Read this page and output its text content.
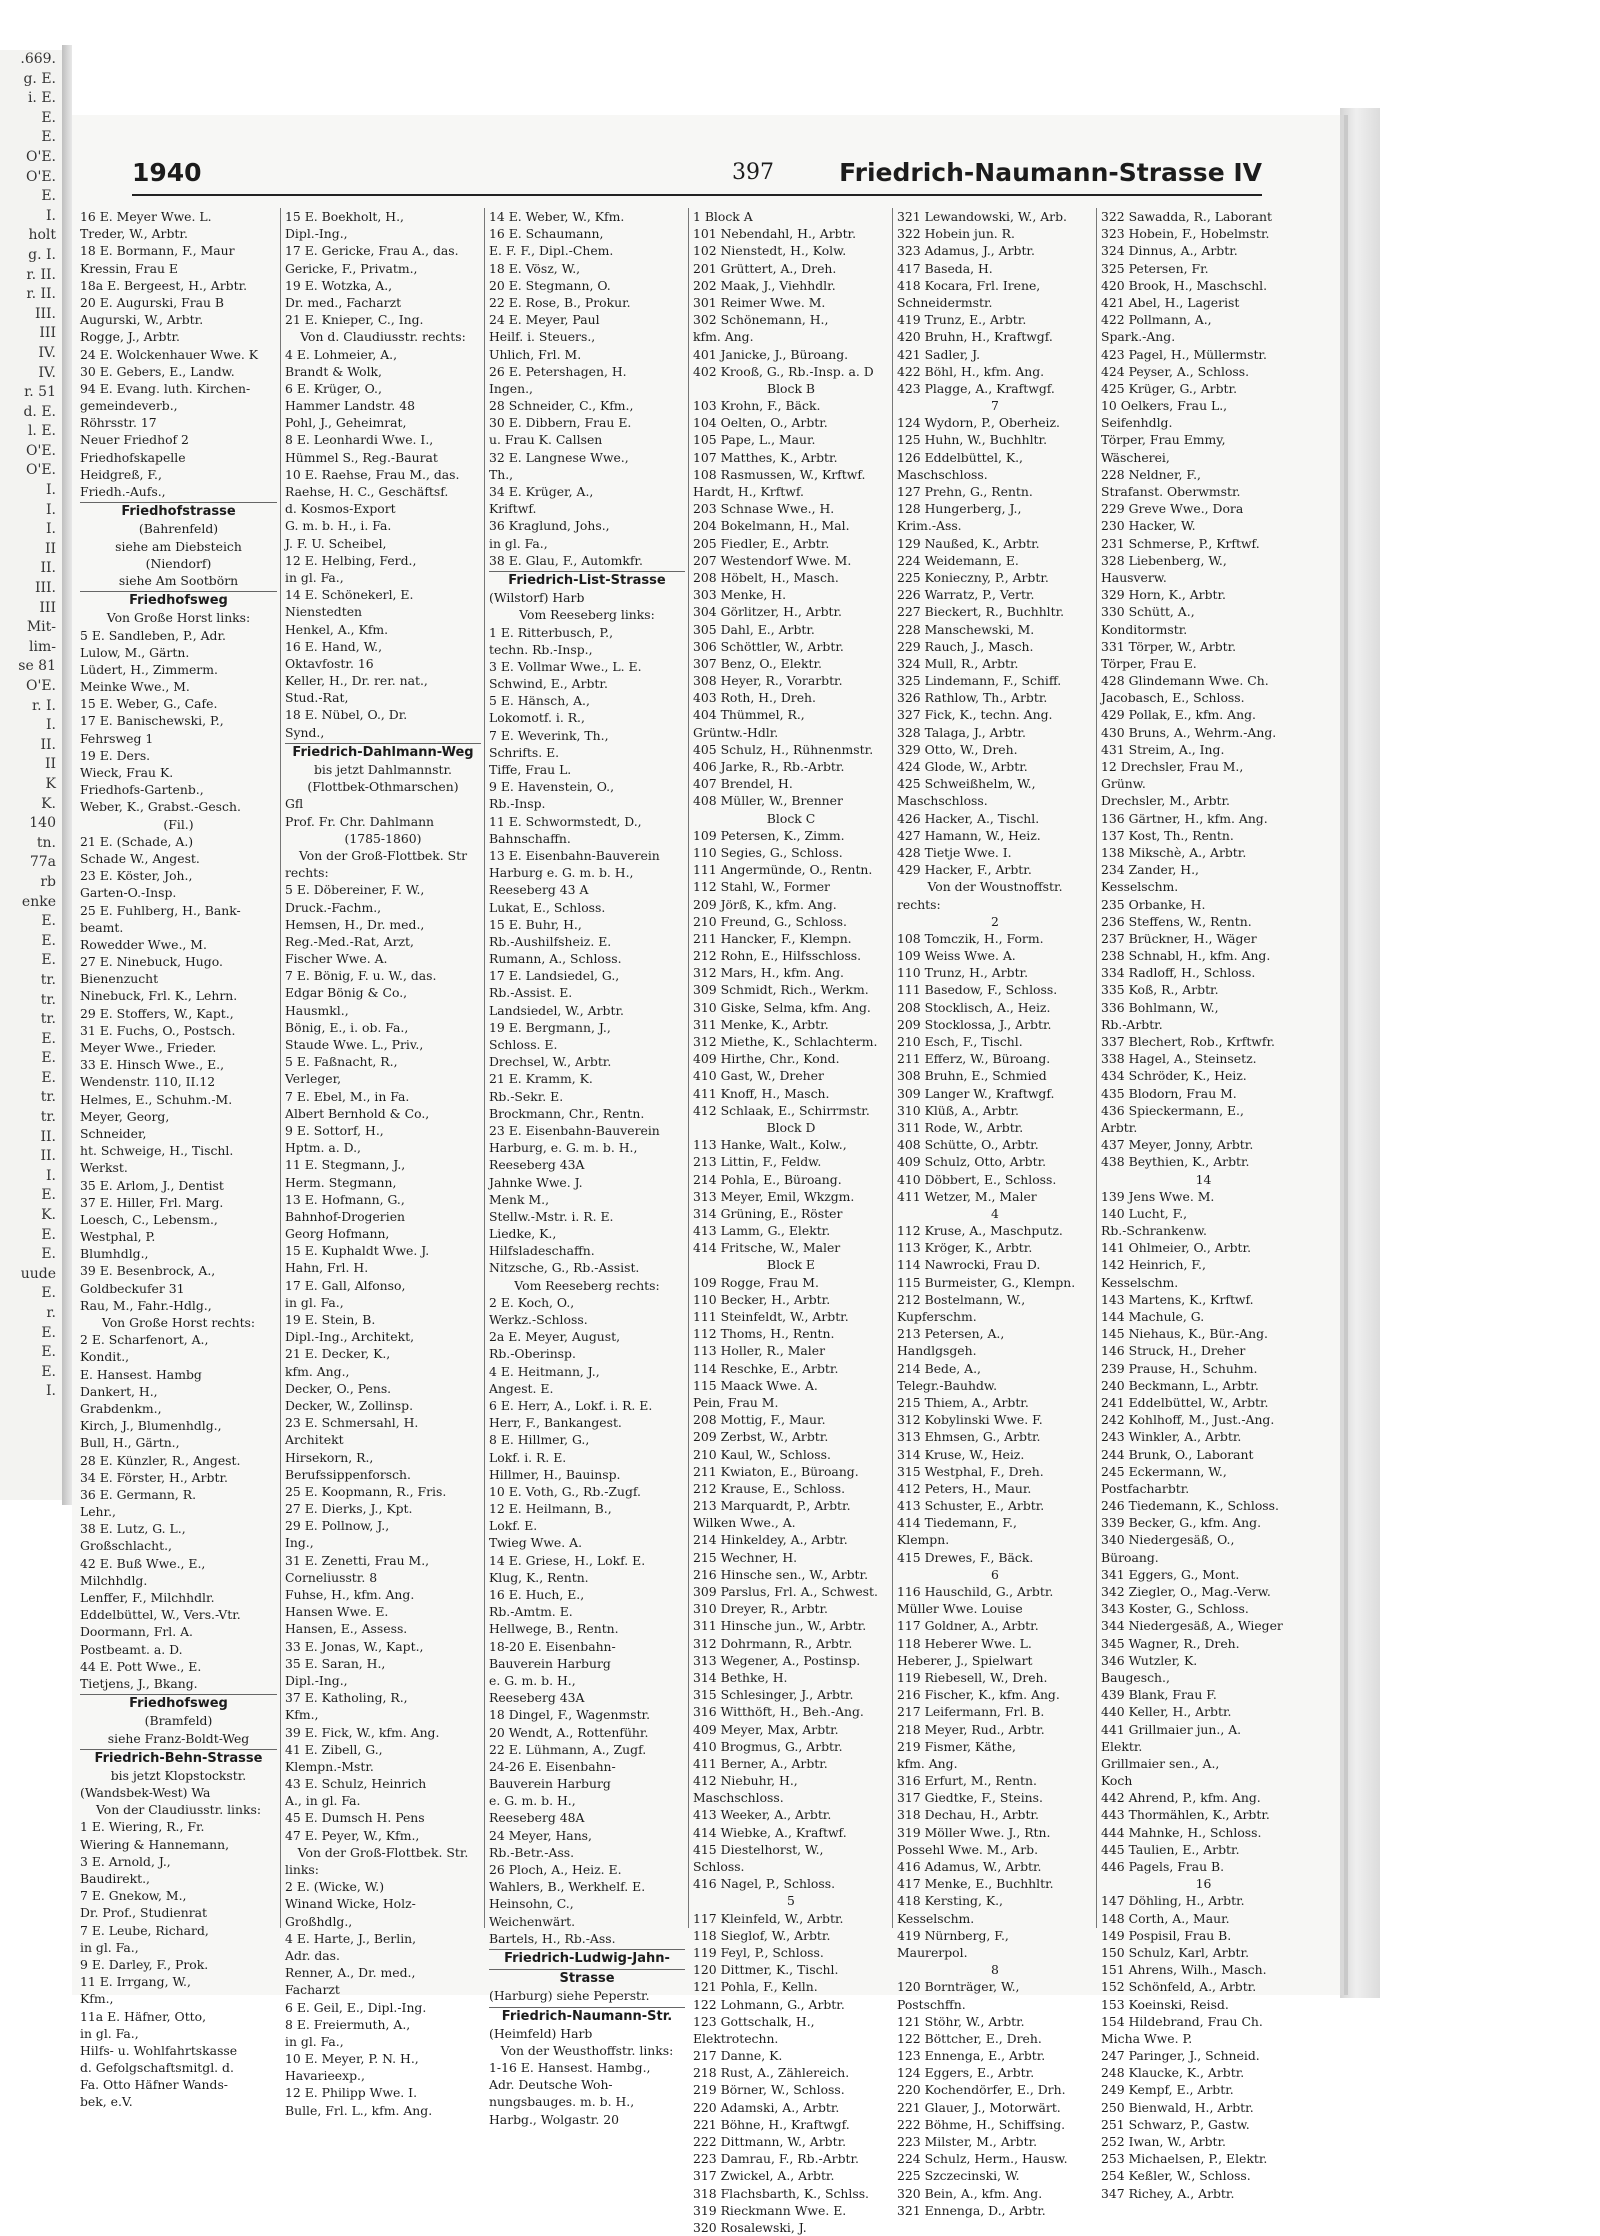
.669.
g. E.
i. E.
E.
E.
O'E.
O'E.
E.
I.
holt
g. I.
r. II.
r. II.
III.
III
IV.
IV.
r. 51
d. E.
l. E.
O'E.
O'E.
I.
I.
I.
II
II.
III.
III
Mit-
lim-
se 81
O'E.
r. I.
I.
II.
II
K
K.
140
tn.
77a
rb
enke
E.
E.
E.
tr.
tr.
tr.
E.
E.
E.
tr.
tr.
II.
II.
I.
E.
K.
E.
E.
uude
E.
r.
E.
E.
E.
I.
1940	397	Friedrich-Naumann-Strasse IV
16 E. Meyer Wwe. L.
Treder, W., Arbtr.
18 E. Bormann, F., Maur
Kressin, Frau E
18a E. Bergeest, H., Arbtr.
20 E. Augurski, Frau B
Augurski, W., Arbtr.
Rogge, J., Arbtr.
24 E. Wolckenhauer Wwe. K
30 E. Gebers, E., Landw.
94 E. Evang. luth. Kirchen-
gemeindeverb.,
Röhrsstr. 17
Neuer Friedhof 2
Friedhofskapelle
Heidgreß, F.,
Friedh.-Aufs.,
Friedhofstrasse
(Bahrenfeld)
siehe am Diebsteich
(Niendorf)
siehe Am Sootbörn
Friedhofsweg
Von Große Horst links:
5 E. Sandleben, P., Adr.
Lulow, M., Gärtn.
Lüdert, H., Zimmerm.
Meinke Wwe., M.
15 E. Weber, G., Cafe.
17 E. Banischewski, P.,
Fehrsweg 1
19 E. Ders.
Wieck, Frau K.
Friedhofs-Gartenb.,
Weber, K., Grabst.-Gesch.
(Fil.)
21 E. (Schade, A.)
Schade W., Angest.
23 E. Köster, Joh.,
Garten-O.-Insp.
25 E. Fuhlberg, H., Bank-
beamt.
Rowedder Wwe., M.
27 E. Ninebuck, Hugo.
Bienenzucht
Ninebuck, Frl. K., Lehrn.
29 E. Stoffers, W., Kapt.,
31 E. Fuchs, O., Postsch.
Meyer Wwe., Frieder.
33 E. Hinsch Wwe., E.,
Wendenstr. 110, II.12
Helmes, E., Schuhm.-M.
Meyer, Georg,
Schneider,
ht. Schweige, H., Tischl.
Werkst.
35 E. Arlom, J., Dentist
37 E. Hiller, Frl. Marg.
Loesch, C., Lebensm.,
Westphal, P.
Blumhdlg.,
39 E. Besenbrock, A.,
Goldbeckufer 31
Rau, M., Fahr.-Hdlg.,
Von Große Horst rechts:
2 E. Scharfenort, A.,
Kondit.,
E. Hansest. Hambg
Dankert, H.,
Grabdenkm.,
Kirch, J., Blumenhdlg.,
Bull, H., Gärtn.,
28 E. Künzler, R., Angest.
34 E. Förster, H., Arbtr.
36 E. Germann, R.
Lehr.,
38 E. Lutz, G. L.,
Großschlacht.,
42 E. Buß Wwe., E.,
Milchhdlg.
Lenffer, F., Milchhdlr.
Eddelbüttel, W., Vers.-Vtr.
Doormann, Frl. A.
Postbeamt. a. D.
44 E. Pott Wwe., E.
Tietjens, J., Bkang.
Friedhofsweg
(Bramfeld)
siehe Franz-Boldt-Weg
Friedrich-Behn-Strasse
bis jetzt Klopstockstr.
(Wandsbek-West) Wa
Von der Claudiusstr. links:
1 E. Wiering, R., Fr.
Wiering & Hannemann,
3 E. Arnold, J.,
Baudirekt.,
7 E. Gnekow, M.,
Dr. Prof., Studienrat
7 E. Leube, Richard,
in gl. Fa.,
9 E. Darley, F., Prok.
11 E. Irrgang, W.,
Kfm.,
11a E. Häfner, Otto,
in gl. Fa.,
Hilfs- u. Wohlfahrtskasse
d. Gefolgschaftsmitgl. d.
Fa. Otto Häfner Wands-
bek, e.V.
15 E. Boekholt, H.,
Dipl.-Ing.,
17 E. Gericke, Frau A., das.
Gericke, F., Privatm.,
19 E. Wotzka, A.,
Dr. med., Facharzt
21 E. Knieper, C., Ing.
Von d. Claudiusstr. rechts:
4 E. Lohmeier, A.,
Brandt & Wolk,
6 E. Krüger, O.,
Hammer Landstr. 48
Pohl, J., Geheimrat,
8 E. Leonhardi Wwe. I.,
Hümmel S., Reg.-Baurat
10 E. Raehse, Frau M., das.
Raehse, H. C., Geschäftsf.
d. Kosmos-Export
G. m. b. H., i. Fa.
J. F. U. Scheibel,
12 E. Helbing, Ferd.,
in gl. Fa.,
14 E. Schönekerl, E.
Nienstedten
Henkel, A., Kfm.
16 E. Hand, W.,
Oktavfostr. 16
Keller, H., Dr. rer. nat.,
Stud.-Rat,
18 E. Nübel, O., Dr.
Synd.,
Friedrich-Dahlmann-Weg
bis jetzt Dahlmannstr.
(Flottbek-Othmarschen)
Gfl
Prof. Fr. Chr. Dahlmann
(1785-1860)
Von der Groß-Flottbek. Str
rechts:
5 E. Döbereiner, F. W.,
Druck.-Fachm.,
Hemsen, H., Dr. med.,
Reg.-Med.-Rat, Arzt,
Fischer Wwe. A.
7 E. Bönig, F. u. W., das.
Edgar Bönig & Co.,
Hausmkl.,
Bönig, E., i. ob. Fa.,
Staude Wwe. L., Priv.,
5 E. Faßnacht, R.,
Verleger,
7 E. Ebel, M., in Fa.
Albert Bernhold & Co.,
9 E. Sottorf, H.,
Hptm. a. D.,
11 E. Stegmann, J.,
Herm. Stegmann,
13 E. Hofmann, G.,
Bahnhof-Drogerien
Georg Hofmann,
15 E. Kuphaldt Wwe. J.
Hahn, Frl. H.
17 E. Gall, Alfonso,
in gl. Fa.,
19 E. Stein, B.
Dipl.-Ing., Architekt,
21 E. Decker, K.,
kfm. Ang.,
Decker, O., Pens.
Decker, W., Zollinsp.
23 E. Schmersahl, H.
Architekt
Hirsekorn, R.,
Berufssippenforsch.
25 E. Koopmann, R., Fris.
27 E. Dierks, J., Kpt.
29 E. Pollnow, J.,
Ing.,
31 E. Zenetti, Frau M.,
Corneliusstr. 8
Fuhse, H., kfm. Ang.
Hansen Wwe. E.
Hansen, E., Assess.
33 E. Jonas, W., Kapt.,
35 E. Saran, H.,
Dipl.-Ing.,
37 E. Katholing, R.,
Kfm.,
39 E. Fick, W., kfm. Ang.
41 E. Zibell, G.,
Klempn.-Mstr.
43 E. Schulz, Heinrich
A., in gl. Fa.
45 E. Dumsch H. Pens
47 E. Peyer, W., Kfm.,
Von der Groß-Flottbek. Str.
links:
2 E. (Wicke, W.)
Winand Wicke, Holz-
Großhdlg.,
4 E. Harte, J., Berlin,
Adr. das.
Renner, A., Dr. med.,
Facharzt
6 E. Geil, E., Dipl.-Ing.
8 E. Freiermuth, A.,
in gl. Fa.,
10 E. Meyer, P. N. H.,
Havarieexp.,
12 E. Philipp Wwe. I.
Bulle, Frl. L., kfm. Ang.
14 E. Weber, W., Kfm.
16 E. Schaumann,
E. F. F., Dipl.-Chem.
18 E. Vösz, W.,
20 E. Stegmann, O.
22 E. Rose, B., Prokur.
24 E. Meyer, Paul
Heilf. i. Steuers.,
Uhlich, Frl. M.
26 E. Petershagen, H.
Ingen.,
28 Schneider, C., Kfm.,
30 E. Dibbern, Frau E.
u. Frau K. Callsen
32 E. Langnese Wwe.,
Th.,
34 E. Krüger, A.,
Kriftwf.
36 Kraglund, Johs.,
in gl. Fa.,
38 E. Glau, F., Automkfr.
Friedrich-List-Strasse
(Wilstorf) Harb
Vom Reeseberg links:
1 E. Ritterbusch, P.,
techn. Rb.-Insp.,
3 E. Vollmar Wwe., L. E.
Schwind, E., Arbtr.
5 E. Hänsch, A.,
Lokomotf. i. R.,
7 E. Weverink, Th.,
Schrifts. E.
Tiffe, Frau L.
9 E. Havenstein, O.,
Rb.-Insp.
11 E. Schwormstedt, D.,
Bahnschaffn.
13 E. Eisenbahn-Bauverein
Harburg e. G. m. b. H.,
Reeseberg 43 A
Lukat, E., Schloss.
15 E. Buhr, H.,
Rb.-Aushilfsheiz. E.
Rumann, A., Schloss.
17 E. Landsiedel, G.,
Rb.-Assist. E.
Landsiedel, W., Arbtr.
19 E. Bergmann, J.,
Schloss. E.
Drechsel, W., Arbtr.
21 E. Kramm, K.
Rb.-Sekr. E.
Brockmann, Chr., Rentn.
23 E. Eisenbahn-Bauverein
Harburg, e. G. m. b. H.,
Reeseberg 43A
Jahnke Wwe. J.
Menk M.,
Stellw.-Mstr. i. R. E.
Liedke, K.,
Hilfsladeschaffn.
Nitzsche, G., Rb.-Assist.
Vom Reeseberg rechts:
2 E. Koch, O.,
Werkz.-Schloss.
2a E. Meyer, August,
Rb.-Oberinsp.
4 E. Heitmann, J.,
Angest. E.
6 E. Herr, A., Lokf. i. R. E.
Herr, F., Bankangest.
8 E. Hillmer, G.,
Lokf. i. R. E.
Hillmer, H., Bauinsp.
10 E. Voth, G., Rb.-Zugf.
12 E. Heilmann, B.,
Lokf. E.
Twieg Wwe. A.
14 E. Griese, H., Lokf. E.
Klug, K., Rentn.
16 E. Huch, E.,
Rb.-Amtm. E.
Hellwege, B., Rentn.
18-20 E. Eisenbahn-
Bauverein Harburg
e. G. m. b. H.,
Reeseberg 43A
18 Dingel, F., Wagenmstr.
20 Wendt, A., Rottenführ.
22 E. Lühmann, A., Zugf.
24-26 E. Eisenbahn-
Bauverein Harburg
e. G. m. b. H.,
Reeseberg 48A
24 Meyer, Hans,
Rb.-Betr.-Ass.
26 Ploch, A., Heiz. E.
Wahlers, B., Werkhelf. E.
Heinsohn, C.,
Weichenwärt.
Bartels, H., Rb.-Ass.
Friedrich-Ludwig-Jahn-
Strasse
(Harburg) siehe Peperstr.
Friedrich-Naumann-Str.
(Heimfeld) Harb
Von der Weusthoffstr. links:
1-16 E. Hansest. Hambg.,
Adr. Deutsche Woh-
nungsbauges. m. b. H.,
Harbg., Wolgastr. 20
1 Block A
101 Nebendahl, H., Arbtr.
102 Nienstedt, H., Kolw.
201 Grüttert, A., Dreh.
202 Maak, J., Viehhdlr.
301 Reimer Wwe. M.
302 Schönemann, H.,
kfm. Ang.
401 Janicke, J., Büroang.
402 Krooß, G., Rb.-Insp. a. D
Block B
103 Krohn, F., Bäck.
104 Oelten, O., Arbtr.
105 Pape, L., Maur.
107 Matthes, K., Arbtr.
108 Rasmussen, W., Krftwf.
Hardt, H., Krftwf.
203 Schnase Wwe., H.
204 Bokelmann, H., Mal.
205 Fiedler, E., Arbtr.
207 Westendorf Wwe. M.
208 Höbelt, H., Masch.
303 Menke, H.
304 Görlitzer, H., Arbtr.
305 Dahl, E., Arbtr.
306 Schöttler, W., Arbtr.
307 Benz, O., Elektr.
308 Heyer, R., Vorarbtr.
403 Roth, H., Dreh.
404 Thümmel, R.,
Grüntw.-Hdlr.
405 Schulz, H., Rühnenmstr.
406 Jarke, R., Rb.-Arbtr.
407 Brendel, H.
408 Müller, W., Brenner
Block C
109 Petersen, K., Zimm.
110 Segies, G., Schloss.
111 Angermünde, O., Rentn.
112 Stahl, W., Former
209 Jörß, K., kfm. Ang.
210 Freund, G., Schloss.
211 Hancker, F., Klempn.
212 Rohn, E., Hilfsschloss.
312 Mars, H., kfm. Ang.
309 Schmidt, Rich., Werkm.
310 Giske, Selma, kfm. Ang.
311 Menke, K., Arbtr.
312 Miethe, K., Schlachterm.
409 Hirthe, Chr., Kond.
410 Gast, W., Dreher
411 Knoff, H., Masch.
412 Schlaak, E., Schirrmstr.
Block D
113 Hanke, Walt., Kolw.,
213 Littin, F., Feldw.
214 Pohla, E., Büroang.
313 Meyer, Emil, Wkzgm.
314 Grüning, E., Röster
413 Lamm, G., Elektr.
414 Fritsche, W., Maler
Block E
109 Rogge, Frau M.
110 Becker, H., Arbtr.
111 Steinfeldt, W., Arbtr.
112 Thoms, H., Rentn.
113 Holler, R., Maler
114 Reschke, E., Arbtr.
115 Maack Wwe. A.
Pein, Frau M.
208 Mottig, F., Maur.
209 Zerbst, W., Arbtr.
210 Kaul, W., Schloss.
211 Kwiaton, E., Büroang.
212 Krause, E., Schloss.
213 Marquardt, P., Arbtr.
Wilken Wwe., A.
214 Hinkeldey, A., Arbtr.
215 Wechner, H.
216 Hinsche sen., W., Arbtr.
309 Parslus, Frl. A., Schwest.
310 Dreyer, R., Arbtr.
311 Hinsche jun., W., Arbtr.
312 Dohrmann, R., Arbtr.
313 Wegener, A., Postinsp.
314 Bethke, H.
315 Schlesinger, J., Arbtr.
316 Witthöft, H., Beh.-Ang.
409 Meyer, Max, Arbtr.
410 Brogmus, G., Arbtr.
411 Berner, A., Arbtr.
412 Niebuhr, H.,
Maschschloss.
413 Weeker, A., Arbtr.
414 Wiebke, A., Kraftwf.
415 Diestelhorst, W.,
Schloss.
416 Nagel, P., Schloss.
5
117 Kleinfeld, W., Arbtr.
118 Sieglof, W., Arbtr.
119 Feyl, P., Schloss.
120 Dittmer, K., Tischl.
121 Pohla, F., Kelln.
122 Lohmann, G., Arbtr.
123 Gottschalk, H.,
Elektrotechn.
217 Danne, K.
218 Rust, A., Zählereich.
219 Börner, W., Schloss.
220 Adamski, A., Arbtr.
221 Böhne, H., Kraftwgf.
222 Dittmann, W., Arbtr.
223 Damrau, F., Rb.-Arbtr.
317 Zwickel, A., Arbtr.
318 Flachsbarth, K., Schlss.
319 Rieckmann Wwe. E.
320 Rosalewski, J.
321 Lewandowski, W., Arb.
322 Hobein jun. R.
323 Adamus, J., Arbtr.
417 Baseda, H.
418 Kocara, Frl. Irene,
Schneidermstr.
419 Trunz, E., Arbtr.
420 Bruhn, H., Kraftwgf.
421 Sadler, J.
422 Böhl, H., kfm. Ang.
423 Plagge, A., Kraftwgf.
7
124 Wydorn, P., Oberheiz.
125 Huhn, W., Buchhltr.
126 Eddelbüttel, K.,
Maschschloss.
127 Prehn, G., Rentn.
128 Hungerberg, J.,
Krim.-Ass.
129 Naußed, K., Arbtr.
224 Weidemann, E.
225 Konieczny, P., Arbtr.
226 Warratz, P., Vertr.
227 Bieckert, R., Buchhltr.
228 Manschewski, M.
229 Rauch, J., Masch.
324 Mull, R., Arbtr.
325 Lindemann, F., Schiff.
326 Rathlow, Th., Arbtr.
327 Fick, K., techn. Ang.
328 Talaga, J., Arbtr.
329 Otto, W., Dreh.
424 Glode, W., Arbtr.
425 Schweißhelm, W.,
Maschschloss.
426 Hacker, A., Tischl.
427 Hamann, W., Heiz.
428 Tietje Wwe. I.
429 Hacker, F., Arbtr.
Von der Woustnoffstr.
rechts:
2
108 Tomczik, H., Form.
109 Weiss Wwe. A.
110 Trunz, H., Arbtr.
111 Basedow, F., Schloss.
208 Stocklisch, A., Heiz.
209 Stocklossa, J., Arbtr.
210 Esch, F., Tischl.
211 Efferz, W., Büroang.
308 Bruhn, E., Schmied
309 Langer W., Kraftwgf.
310 Klüß, A., Arbtr.
311 Rode, W., Arbtr.
408 Schütte, O., Arbtr.
409 Schulz, Otto, Arbtr.
410 Döbbert, E., Schloss.
411 Wetzer, M., Maler
4
112 Kruse, A., Maschputz.
113 Kröger, K., Arbtr.
114 Nawrocki, Frau D.
115 Burmeister, G., Klempn.
212 Bostelmann, W.,
Kupferschm.
213 Petersen, A.,
Handlgsgeh.
214 Bede, A.,
Telegr.-Bauhdw.
215 Thiem, A., Arbtr.
312 Kobylinski Wwe. F.
313 Ehmsen, G., Arbtr.
314 Kruse, W., Heiz.
315 Westphal, F., Dreh.
412 Peters, H., Maur.
413 Schuster, E., Arbtr.
414 Tiedemann, F.,
Klempn.
415 Drewes, F., Bäck.
6
116 Hauschild, G., Arbtr.
Müller Wwe. Louise
117 Goldner, A., Arbtr.
118 Heberer Wwe. L.
Heberer, J., Spielwart
119 Riebesell, W., Dreh.
216 Fischer, K., kfm. Ang.
217 Leifermann, Frl. B.
218 Meyer, Rud., Arbtr.
219 Fismer, Käthe,
kfm. Ang.
316 Erfurt, M., Rentn.
317 Giedtke, F., Steins.
318 Dechau, H., Arbtr.
319 Möller Wwe. J., Rtn.
Possehl Wwe. M., Arb.
416 Adamus, W., Arbtr.
417 Menke, E., Buchhltr.
418 Kersting, K.,
Kesselschm.
419 Nürnberg, F.,
Maurerpol.
8
120 Bornträger, W.,
Postschffn.
121 Stöhr, W., Arbtr.
122 Böttcher, E., Dreh.
123 Ennenga, E., Arbtr.
124 Eggers, E., Arbtr.
220 Kochendörfer, E., Drh.
221 Glauer, J., Motorwärt.
222 Böhme, H., Schiffsing.
223 Milster, M., Arbtr.
224 Schulz, Herm., Hausw.
225 Szczecinski, W.
320 Bein, A., kfm. Ang.
321 Ennenga, D., Arbtr.
322 Sawadda, R., Laborant
323 Hobein, F., Hobelmstr.
324 Dinnus, A., Arbtr.
325 Petersen, Fr.
420 Brook, H., Maschschl.
421 Abel, H., Lagerist
422 Pollmann, A.,
Spark.-Ang.
423 Pagel, H., Müllermstr.
424 Peyser, A., Schloss.
425 Krüger, G., Arbtr.
10 Oelkers, Frau L.,
Seifenhdlg.
Törper, Frau Emmy,
Wäscherei,
228 Neldner, F.,
Strafanst. Oberwmstr.
229 Greve Wwe., Dora
230 Hacker, W.
231 Schmerse, P., Krftwf.
328 Liebenberg, W.,
Hausverw.
329 Horn, K., Arbtr.
330 Schütt, A.,
Konditormstr.
331 Törper, W., Arbtr.
Törper, Frau E.
428 Glindemann Wwe. Ch.
Jacobasch, E., Schloss.
429 Pollak, E., kfm. Ang.
430 Bruns, A., Wehrm.-Ang.
431 Streim, A., Ing.
12 Drechsler, Frau M.,
Grünw.
Drechsler, M., Arbtr.
136 Gärtner, H., kfm. Ang.
137 Kost, Th., Rentn.
138 Mikschè, A., Arbtr.
234 Zander, H.,
Kesselschm.
235 Orbanke, H.
236 Steffens, W., Rentn.
237 Brückner, H., Wäger
238 Schnabl, H., kfm. Ang.
334 Radloff, H., Schloss.
335 Koß, R., Arbtr.
336 Bohlmann, W.,
Rb.-Arbtr.
337 Blechert, Rob., Krftwfr.
338 Hagel, A., Steinsetz.
434 Schröder, K., Heiz.
435 Blodorn, Frau M.
436 Spieckermann, E.,
Arbtr.
437 Meyer, Jonny, Arbtr.
438 Beythien, K., Arbtr.
14
139 Jens Wwe. M.
140 Lucht, F.,
Rb.-Schrankenw.
141 Ohlmeier, O., Arbtr.
142 Heinrich, F.,
Kesselschm.
143 Martens, K., Krftwf.
144 Machule, G.
145 Niehaus, K., Bür.-Ang.
146 Struck, H., Dreher
239 Prause, H., Schuhm.
240 Beckmann, L., Arbtr.
241 Eddelbüttel, W., Arbtr.
242 Kohlhoff, M., Just.-Ang.
243 Winkler, A., Arbtr.
244 Brunk, O., Laborant
245 Eckermann, W.,
Postfacharbtr.
246 Tiedemann, K., Schloss.
339 Becker, G., kfm. Ang.
340 Niedergesäß, O.,
Büroang.
341 Eggers, G., Mont.
342 Ziegler, O., Mag.-Verw.
343 Koster, G., Schloss.
344 Niedergesäß, A., Wieger
345 Wagner, R., Dreh.
346 Wutzler, K.
Baugesch.,
439 Blank, Frau F.
440 Keller, H., Arbtr.
441 Grillmaier jun., A.
Elektr.
Grillmaier sen., A.,
Koch
442 Ahrend, P., kfm. Ang.
443 Thormählen, K., Arbtr.
444 Mahnke, H., Schloss.
445 Taulien, E., Arbtr.
446 Pagels, Frau B.
16
147 Döhling, H., Arbtr.
148 Corth, A., Maur.
149 Pospisil, Frau B.
150 Schulz, Karl, Arbtr.
151 Ahrens, Wilh., Masch.
152 Schönfeld, A., Arbtr.
153 Koeinski, Reisd.
154 Hildebrand, Frau Ch.
Micha Wwe. P.
247 Paringer, J., Schneid.
248 Klaucke, K., Arbtr.
249 Kempf, E., Arbtr.
250 Bienwald, H., Arbtr.
251 Schwarz, P., Gastw.
252 Iwan, W., Arbtr.
253 Michaelsen, P., Elektr.
254 Keßler, W., Schloss.
347 Richey, A., Arbtr.
